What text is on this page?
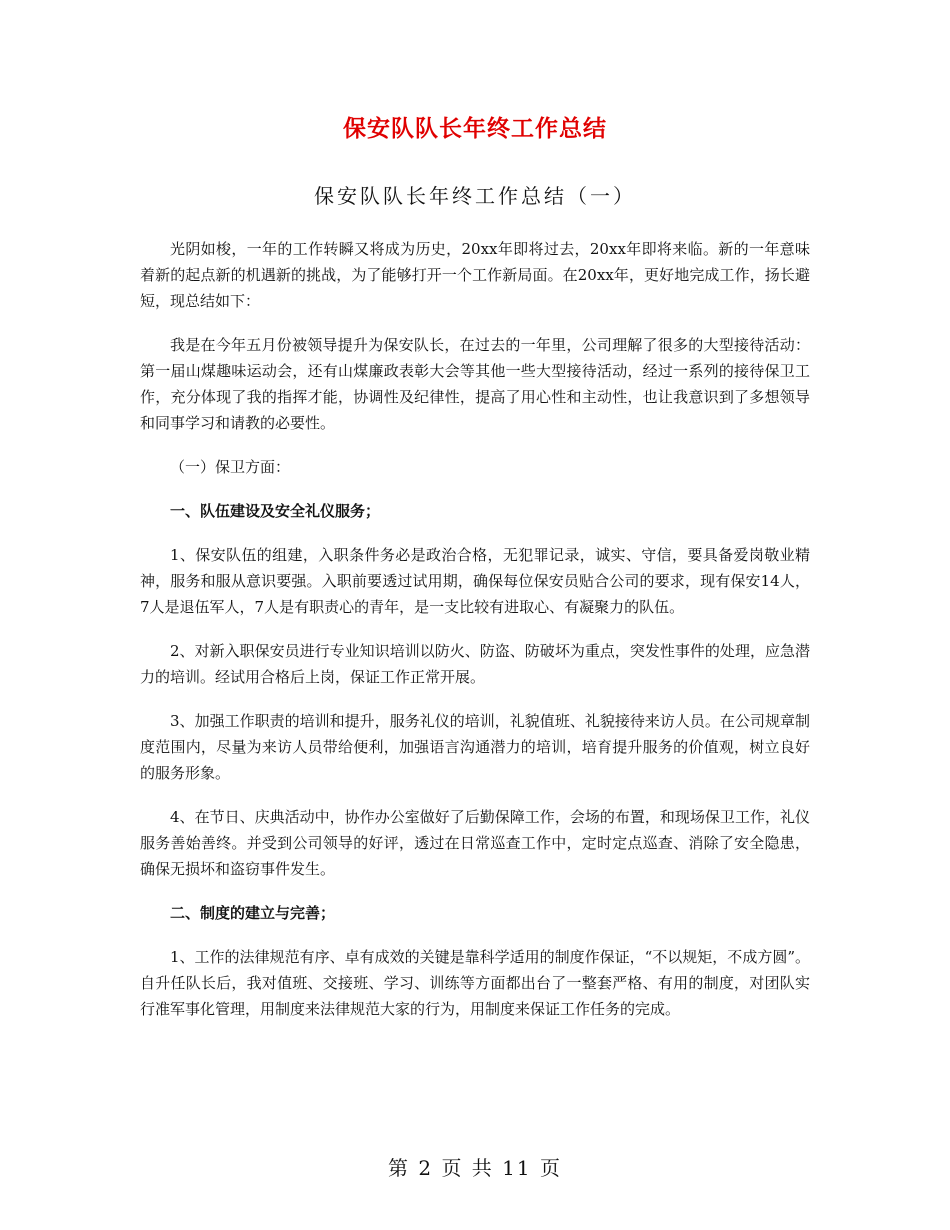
保安队队长年终工作总结
保安队队长年终工作总结（一）

光阴如梭，一年的工作转瞬又将成为历史，20xx年即将过去，20xx年即将来临。新的一年意味着新的起点新的机遇新的挑战，为了能够打开一个工作新局面。在20xx年，更好地完成工作，扬长避短，现总结如下：

我是在今年五月份被领导提升为保安队长，在过去的一年里，公司理解了很多的大型接待活动：第一届山煤趣味运动会，还有山煤廉政表彰大会等其他一些大型接待活动，经过一系列的接待保卫工作，充分体现了我的指挥才能，协调性及纪律性，提高了用心性和主动性，也让我意识到了多想领导和同事学习和请教的必要性。

（一）保卫方面：

一、队伍建设及安全礼仪服务；

1、保安队伍的组建，入职条件务必是政治合格，无犯罪记录，诚实、守信，要具备爱岗敬业精神，服务和服从意识要强。入职前要透过试用期，确保每位保安员贴合公司的要求，现有保安14人，7人是退伍军人，7人是有职责心的青年，是一支比较有进取心、有凝聚力的队伍。

2、对新入职保安员进行专业知识培训以防火、防盗、防破坏为重点，突发性事件的处理，应急潜力的培训。经试用合格后上岗，保证工作正常开展。

3、加强工作职责的培训和提升，服务礼仪的培训，礼貌值班、礼貌接待来访人员。在公司规章制度范围内，尽量为来访人员带给便利，加强语言沟通潜力的培训，培育提升服务的价值观，树立良好的服务形象。

4、在节日、庆典活动中，协作办公室做好了后勤保障工作，会场的布置，和现场保卫工作，礼仪服务善始善终。并受到公司领导的好评，透过在日常巡查工作中，定时定点巡查、消除了安全隐患，确保无损坏和盗窃事件发生。

二、制度的建立与完善；

1、工作的法律规范有序、卓有成效的关键是靠科学适用的制度作保证，“不以规矩，不成方圆”。自升任队长后，我对值班、交接班、学习、训练等方面都出台了一整套严格、有用的制度，对团队实行准军事化管理，用制度来法律规范大家的行为，用制度来保证工作任务的完成。

第 2 页 共 11 页
